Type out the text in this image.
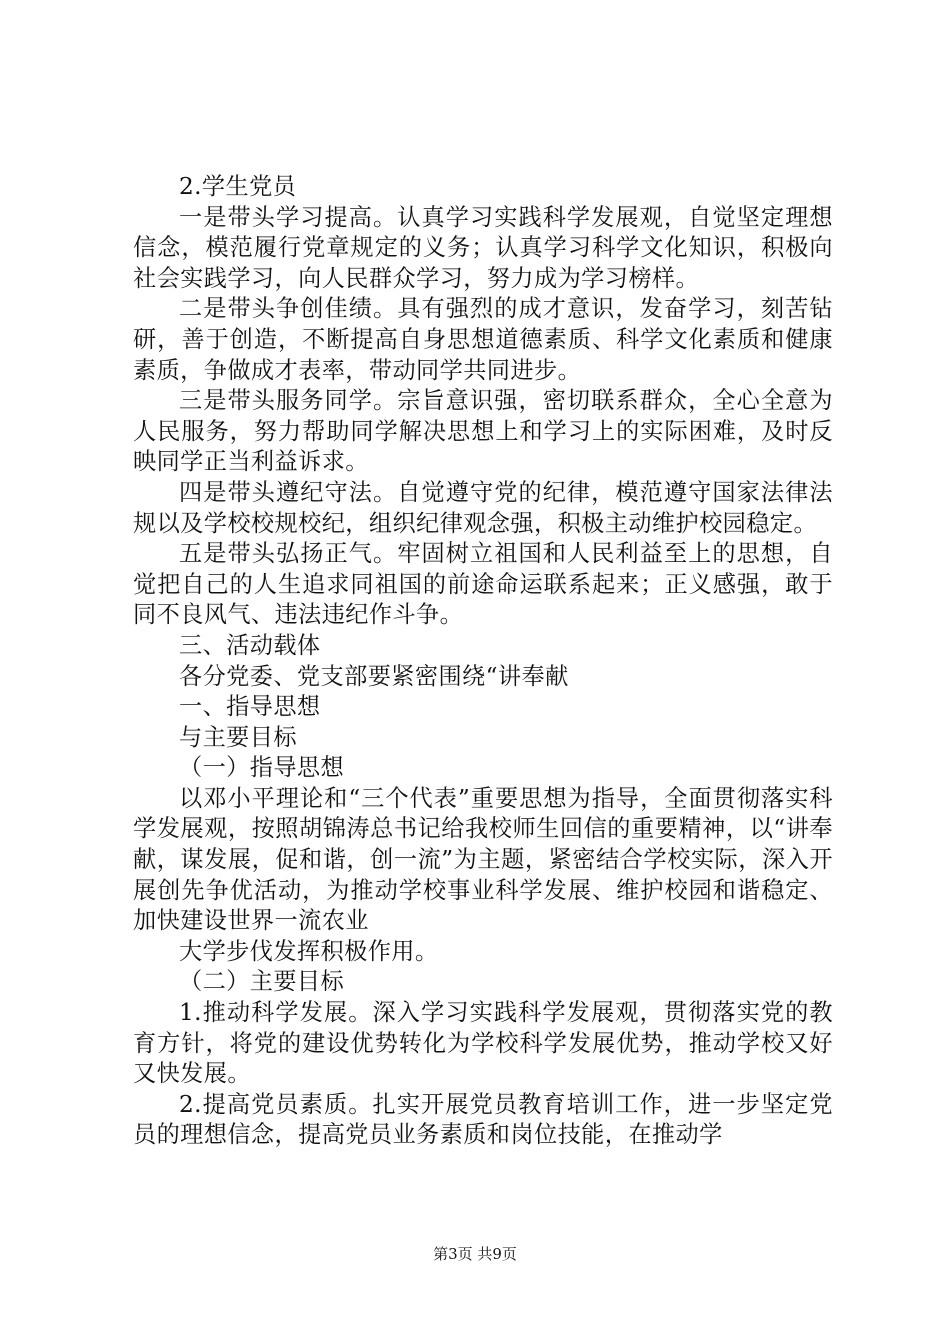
2.学生党员

一是带头学习提高。认真学习实践科学发展观，自觉坚定理想信念，模范履行党章规定的义务；认真学习科学文化知识，积极向社会实践学习，向人民群众学习，努力成为学习榜样。

二是带头争创佳绩。具有强烈的成才意识，发奋学习，刻苦钻研，善于创造，不断提高自身思想道德素质、科学文化素质和健康素质，争做成才表率，带动同学共同进步。

三是带头服务同学。宗旨意识强，密切联系群众，全心全意为人民服务，努力帮助同学解决思想上和学习上的实际困难，及时反映同学正当利益诉求。

四是带头遵纪守法。自觉遵守党的纪律，模范遵守国家法律法规以及学校校规校纪，组织纪律观念强，积极主动维护校园稳定。

五是带头弘扬正气。牢固树立祖国和人民利益至上的思想，自觉把自己的人生追求同祖国的前途命运联系起来；正义感强，敢于同不良风气、违法违纪作斗争。

三、活动载体

各分党委、党支部要紧密围绕“讲奉献

一、指导思想

与主要目标

（一）指导思想

以邓小平理论和“三个代表”重要思想为指导，全面贯彻落实科学发展观，按照胡锦涛总书记给我校师生回信的重要精神，以“讲奉献，谋发展，促和谐，创一流”为主题，紧密结合学校实际，深入开展创先争优活动，为推动学校事业科学发展、维护校园和谐稳定、加快建设世界一流农业

大学步伐发挥积极作用。

（二）主要目标

1.推动科学发展。深入学习实践科学发展观，贯彻落实党的教育方针，将党的建设优势转化为学校科学发展优势，推动学校又好又快发展。

2.提高党员素质。扎实开展党员教育培训工作，进一步坚定党员的理想信念，提高党员业务素质和岗位技能，在推动学

第3页 共9页
